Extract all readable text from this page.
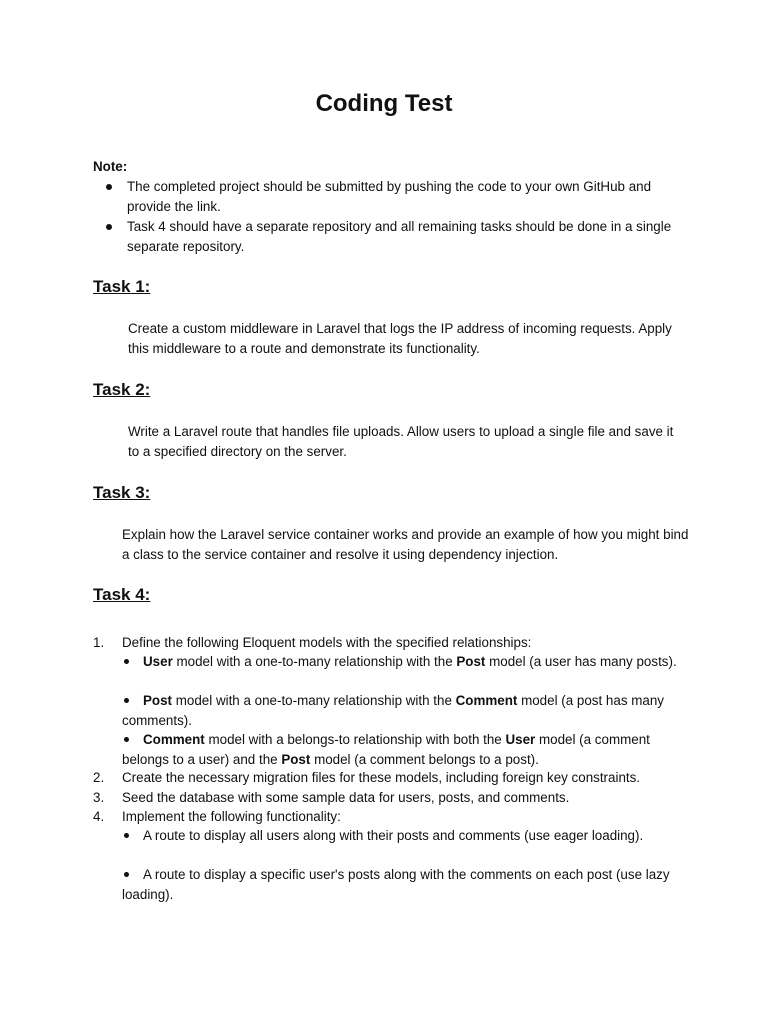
Coding Test
Note:
The completed project should be submitted by pushing the code to your own GitHub and provide the link.
Task 4 should have a separate repository and all remaining tasks should be done in a single separate repository.
Task 1:
Create a custom middleware in Laravel that logs the IP address of incoming requests. Apply this middleware to a route and demonstrate its functionality.
Task 2:
Write a Laravel route that handles file uploads. Allow users to upload a single file and save it to a specified directory on the server.
Task 3:
Explain how the Laravel service container works and provide an example of how you might bind a class to the service container and resolve it using dependency injection.
Task 4:
1.	Define the following Eloquent models with the specified relationships:
User model with a one-to-many relationship with the Post model (a user has many posts).
Post model with a one-to-many relationship with the Comment model (a post has many comments).
Comment model with a belongs-to relationship with both the User model (a comment belongs to a user) and the Post model (a comment belongs to a post).
2.	Create the necessary migration files for these models, including foreign key constraints.
3.	Seed the database with some sample data for users, posts, and comments.
4.	Implement the following functionality:
A route to display all users along with their posts and comments (use eager loading).
A route to display a specific user's posts along with the comments on each post (use lazy loading).
